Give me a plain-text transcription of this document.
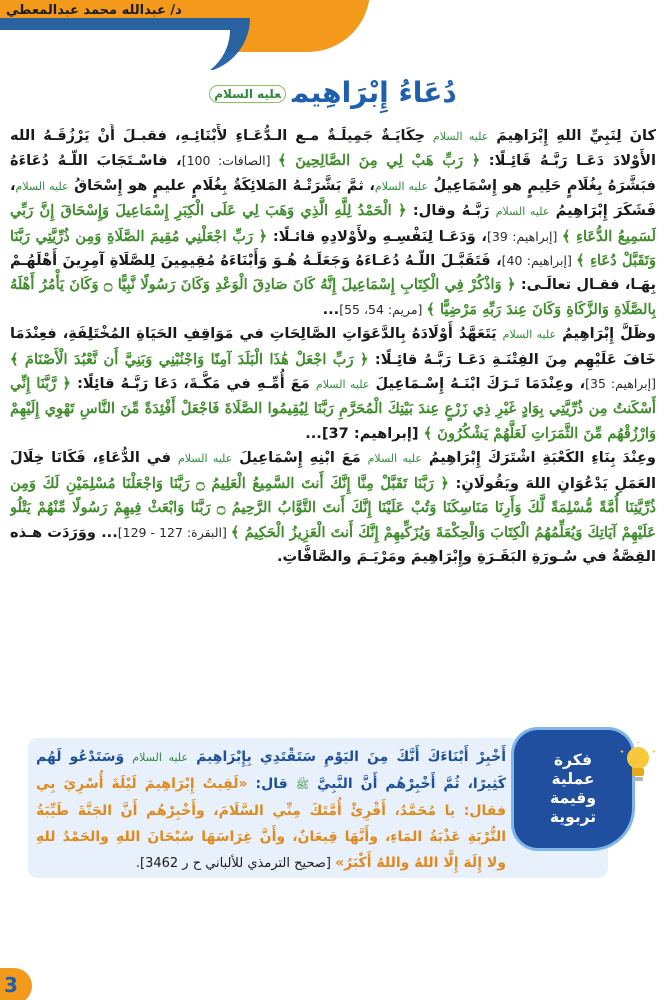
د/ عبدالله محمد عبدالمعطي
دُعَاءُ إِبْرَاهِيمعليه السلام

كانَ لِنَبِيِّ اللهِ إِبْرَاهِيمَ عليه السلام حِكَايَـةٌ جَمِيلَـةٌ مـع الـدُّعَـاءِ لأَبْنَائِـهِ، فقبـلَ أَنْ يَرْزُقَـهُ الله الأَوْلادَ دَعَـا رَبَّـهُ قَائِـلًا: ﴿ رَبِّ هَبْ لِي مِنَ الصَّالِحِينَ ﴾ [الصافات: 100]، فاسْـتَجَابَ اللّـهُ دُعَاءَهُ فبَشَّرَهُ بِغُلَامٍ حَلِيمٍ هو إِسْمَاعِيلُ عليه السلام، ثمَّ بَشَّرَتْـهُ المَلائِكَةُ بِغُلَامٍ عليمٍ هو إِسْحَاقُ عليه السلام، فَشَكَرَ إِبْرَاهِيمُ عليه السلام رَبَّـهُ وقال: ﴿ الْحَمْدُ لِلَّهِ الَّذِي وَهَبَ لِي عَلَى الْكِبَرِ إِسْمَاعِيلَ وَإِسْحَاقَ إِنَّ رَبِّي لَسَمِيعُ الدُّعَاءِ ﴾ [إبراهيم: 39]، وَدَعَـا لِنَفْسِـهِ ولأَوْلادِهِ قائـلًا: ﴿ رَبِّ اجْعَلْنِي مُقِيمَ الصَّلَاةِ وَمِن ذُرِّيَّتِي رَبَّنَا وَتَقَبَّلْ دُعَاءِ ﴾ [إبراهيم: 40]، فَتَقَبَّـلَ اللّـهُ دُعَـاءَهُ وَجَعَلَـهُ هُـوَ وَأَبْنَاءَهُ مُقِيمِينَ لِلصَّلَاةِ آمِرِينَ أَهْلَهُـمْ بِهَـا، فقـال تعالَـى: ﴿ وَاذْكُرْ فِي الْكِتَابِ إِسْمَاعِيلَ إِنَّهُ كَانَ صَادِقَ الْوَعْدِ وَكَانَ رَسُولًا نَّبِيًّا ۝ وَكَانَ يَأْمُرُ أَهْلَهُ بِالصَّلَاةِ وَالزَّكَاةِ وَكَانَ عِندَ رَبِّهِ مَرْضِيًّا ﴾ [مريم: 54، 55]...

وظَلَّ إِبْرَاهِيمُ عليه السلام يَتَعَهَّدُ أَوْلَادَهُ بِالدَّعَوَاتِ الصَّالِحَاتِ في مَوَاقِفِ الحَيَاةِ المُخْتَلِفَةِ، فعِنْدَمَا خَافَ عَلَيْهِم مِنَ الفِتْنَـةِ دَعَـا رَبَّـهُ قائِـلًا: ﴿ رَبِّ اجْعَلْ هَٰذَا الْبَلَدَ آمِنًا وَاجْنُبْنِي وَبَنِيَّ أَن نَّعْبُدَ الْأَصْنَامَ ﴾ [إبراهيم: 35]، وعِنْدَمَا تَـرَكَ ابْنَـهُ إِسْـمَاعِيلَ عليه السلام مَعَ أُمِّـهِ في مَكَّـةَ، دَعَا رَبَّـهُ قائِلًا: ﴿ رَّبَّنَا إِنِّي أَسْكَنتُ مِن ذُرِّيَّتِي بِوَادٍ غَيْرِ ذِي زَرْعٍ عِندَ بَيْتِكَ الْمُحَرَّمِ رَبَّنَا لِيُقِيمُوا الصَّلَاةَ فَاجْعَلْ أَفْئِدَةً مِّنَ النَّاسِ تَهْوِي إِلَيْهِمْ وَارْزُقْهُم مِّنَ الثَّمَرَاتِ لَعَلَّهُمْ يَشْكُرُونَ ﴾ [إبراهيم: 37]...

وعِنْدَ بِنَاءِ الكَعْبَةِ اشْتَرَكَ إِبْرَاهِيمُ عليه السلام مَعَ ابْنِهِ إِسْمَاعِيلَ عليه السلام في الدُّعَاءِ، فَكَانَا خِلَالَ العَمَلِ يَدْعُوَانِ اللهَ ويَقُولَانِ: ﴿ رَبَّنَا تَقَبَّلْ مِنَّا إِنَّكَ أَنتَ السَّمِيعُ الْعَلِيمُ ۝ رَبَّنَا وَاجْعَلْنَا مُسْلِمَيْنِ لَكَ وَمِن ذُرِّيَّتِنَا أُمَّةً مُّسْلِمَةً لَّكَ وَأَرِنَا مَنَاسِكَنَا وَتُبْ عَلَيْنَا إِنَّكَ أَنتَ التَّوَّابُ الرَّحِيمُ ۝ رَبَّنَا وَابْعَثْ فِيهِمْ رَسُولًا مِّنْهُمْ يَتْلُو عَلَيْهِمْ آيَاتِكَ وَيُعَلِّمُهُمُ الْكِتَابَ وَالْحِكْمَةَ وَيُزَكِّيهِمْ إِنَّكَ أَنتَ الْعَزِيزُ الْحَكِيمُ ﴾ [البقرة: 127 - 129]... ووَرَدَت هـذه القِصَّةُ في سُـورَةِ البَقَـرَةِ وإِبْرَاهِيمَ ومَرْيَـمَ والصَّافَّاتِ.

أَخْبِرْ أَبْنَاءَكَ أَنَّكَ مِنَ اليَوْمِ سَتَقْتَدِي بِإِبْرَاهِيمَ عليه السلام وَسَتَدْعُو لَهُم كَثِيرًا، ثُمَّ أَخْبِرْهُم أَنَّ النَّبِيَّ ﷺ قال: «لَقِيتُ إِبْرَاهِيمَ لَيْلَةَ أُسْرِيَ بِي فقال: يا مُحَمَّدُ، أَقْرِئْ أُمَّتَكَ مِنِّي السَّلَامَ، وأَخْبِرْهُم أَنَّ الجَنَّةَ طَيِّبَةُ التُّرْبَةِ عَذْبَةُ المَاءِ، وأَنَّهَا قِيعَانٌ، وأَنَّ غِرَاسَهَا سُبْحَانَ اللهِ والحَمْدُ للهِ ولا إِلَهَ إِلَّا اللهُ واللهُ أَكْبَرُ» [صحيح الترمذي للألباني ح ر 3462].
فكرة عملية وقيمة تربوية
3
